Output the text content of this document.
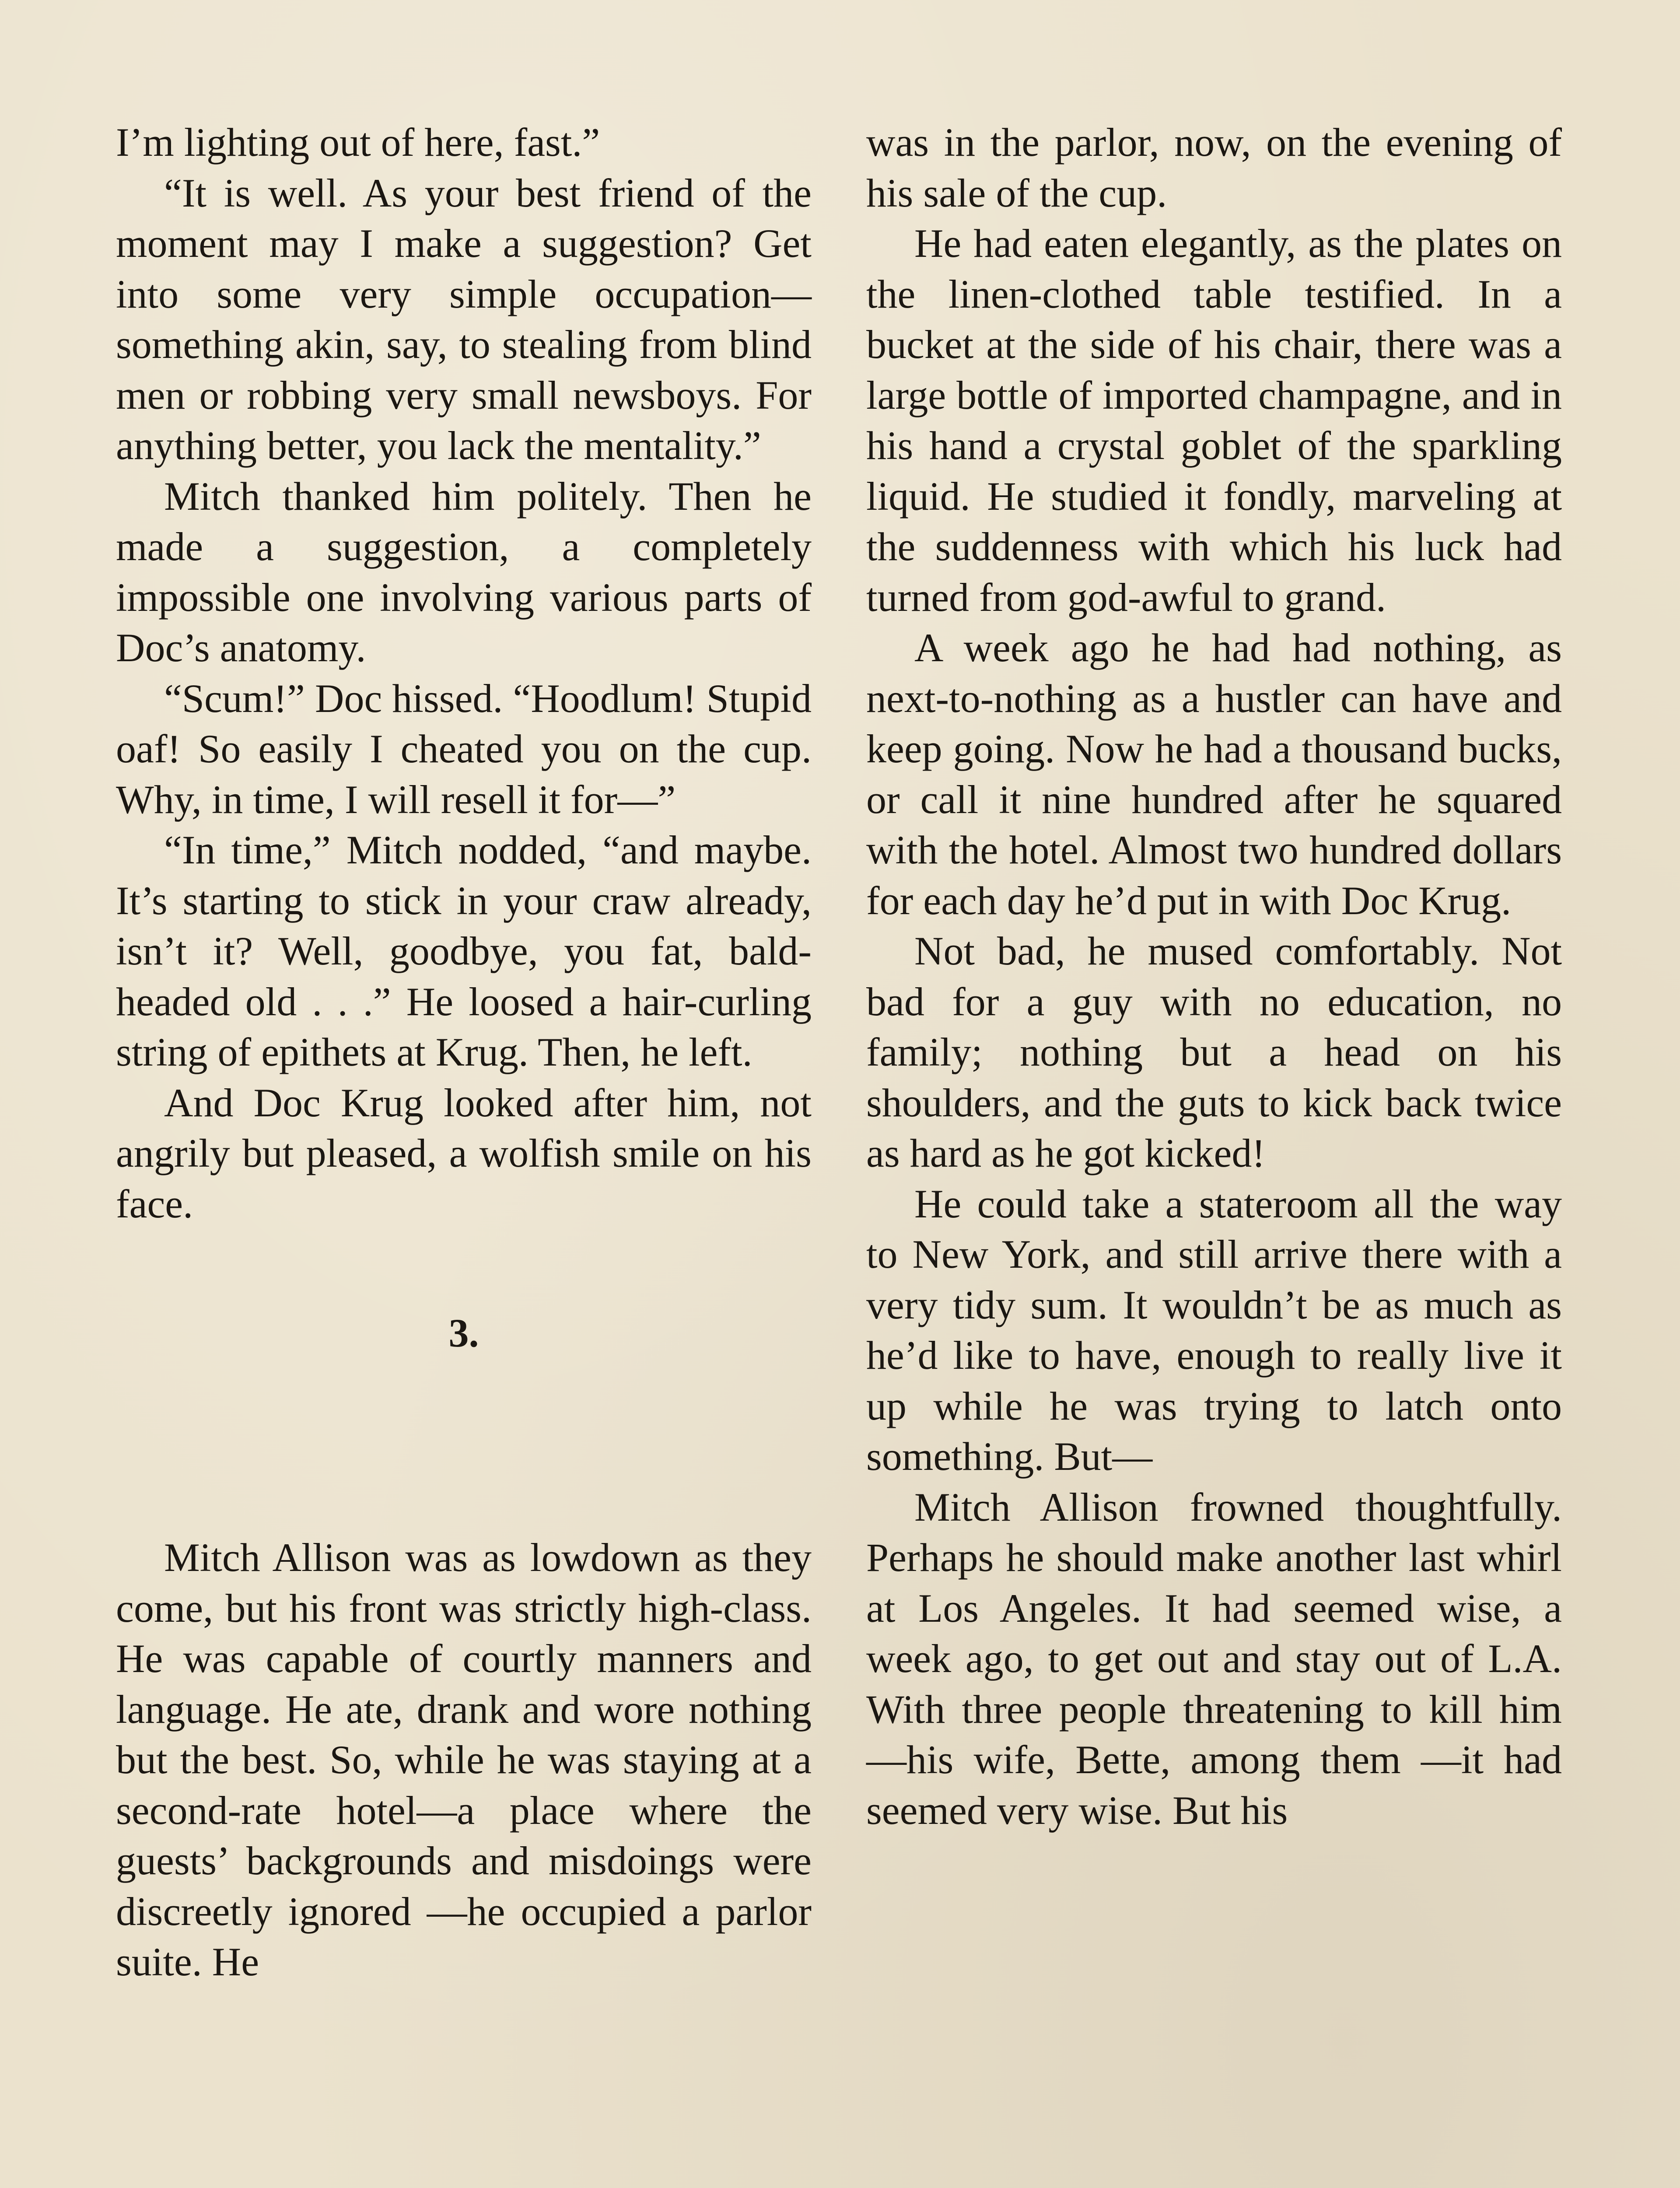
I’m lighting out of here, fast.”

“It is well. As your best friend of the moment may I make a suggestion? Get into some very simple occupation—something akin, say, to stealing from blind men or robbing very small newsboys. For anything better, you lack the mentality.”

Mitch thanked him politely. Then he made a suggestion, a completely impossible one involving various parts of Doc’s anatomy.

“Scum!” Doc hissed. “Hoodlum! Stupid oaf! So easily I cheated you on the cup. Why, in time, I will resell it for—”

“In time,” Mitch nodded, “and maybe. It’s starting to stick in your craw already, isn’t it? Well, goodbye, you fat, bald-headed old . . .” He loosed a hair-curling string of epithets at Krug. Then, he left.

And Doc Krug looked after him, not angrily but pleased, a wolfish smile on his face.

3.

Mitch Allison was as lowdown as they come, but his front was strictly high-class. He was capable of courtly manners and language. He ate, drank and wore nothing but the best. So, while he was staying at a second-rate hotel—a place where the guests’ backgrounds and misdoings were discreetly ignored —he occupied a parlor suite. He

was in the parlor, now, on the evening of his sale of the cup.

He had eaten elegantly, as the plates on the linen-clothed table testified. In a bucket at the side of his chair, there was a large bottle of imported champagne, and in his hand a crystal goblet of the sparkling liquid. He studied it fondly, marveling at the suddenness with which his luck had turned from god-awful to grand.

A week ago he had had nothing, as next-to-nothing as a hustler can have and keep going. Now he had a thousand bucks, or call it nine hundred after he squared with the hotel. Almost two hundred dollars for each day he’d put in with Doc Krug.

Not bad, he mused comfortably. Not bad for a guy with no education, no family; nothing but a head on his shoulders, and the guts to kick back twice as hard as he got kicked!

He could take a stateroom all the way to New York, and still arrive there with a very tidy sum. It wouldn’t be as much as he’d like to have, enough to really live it up while he was trying to latch onto something. But—

Mitch Allison frowned thoughtfully. Perhaps he should make another last whirl at Los Angeles. It had seemed wise, a week ago, to get out and stay out of L.A. With three people threatening to kill him—his wife, Bette, among them —it had seemed very wise. But his
